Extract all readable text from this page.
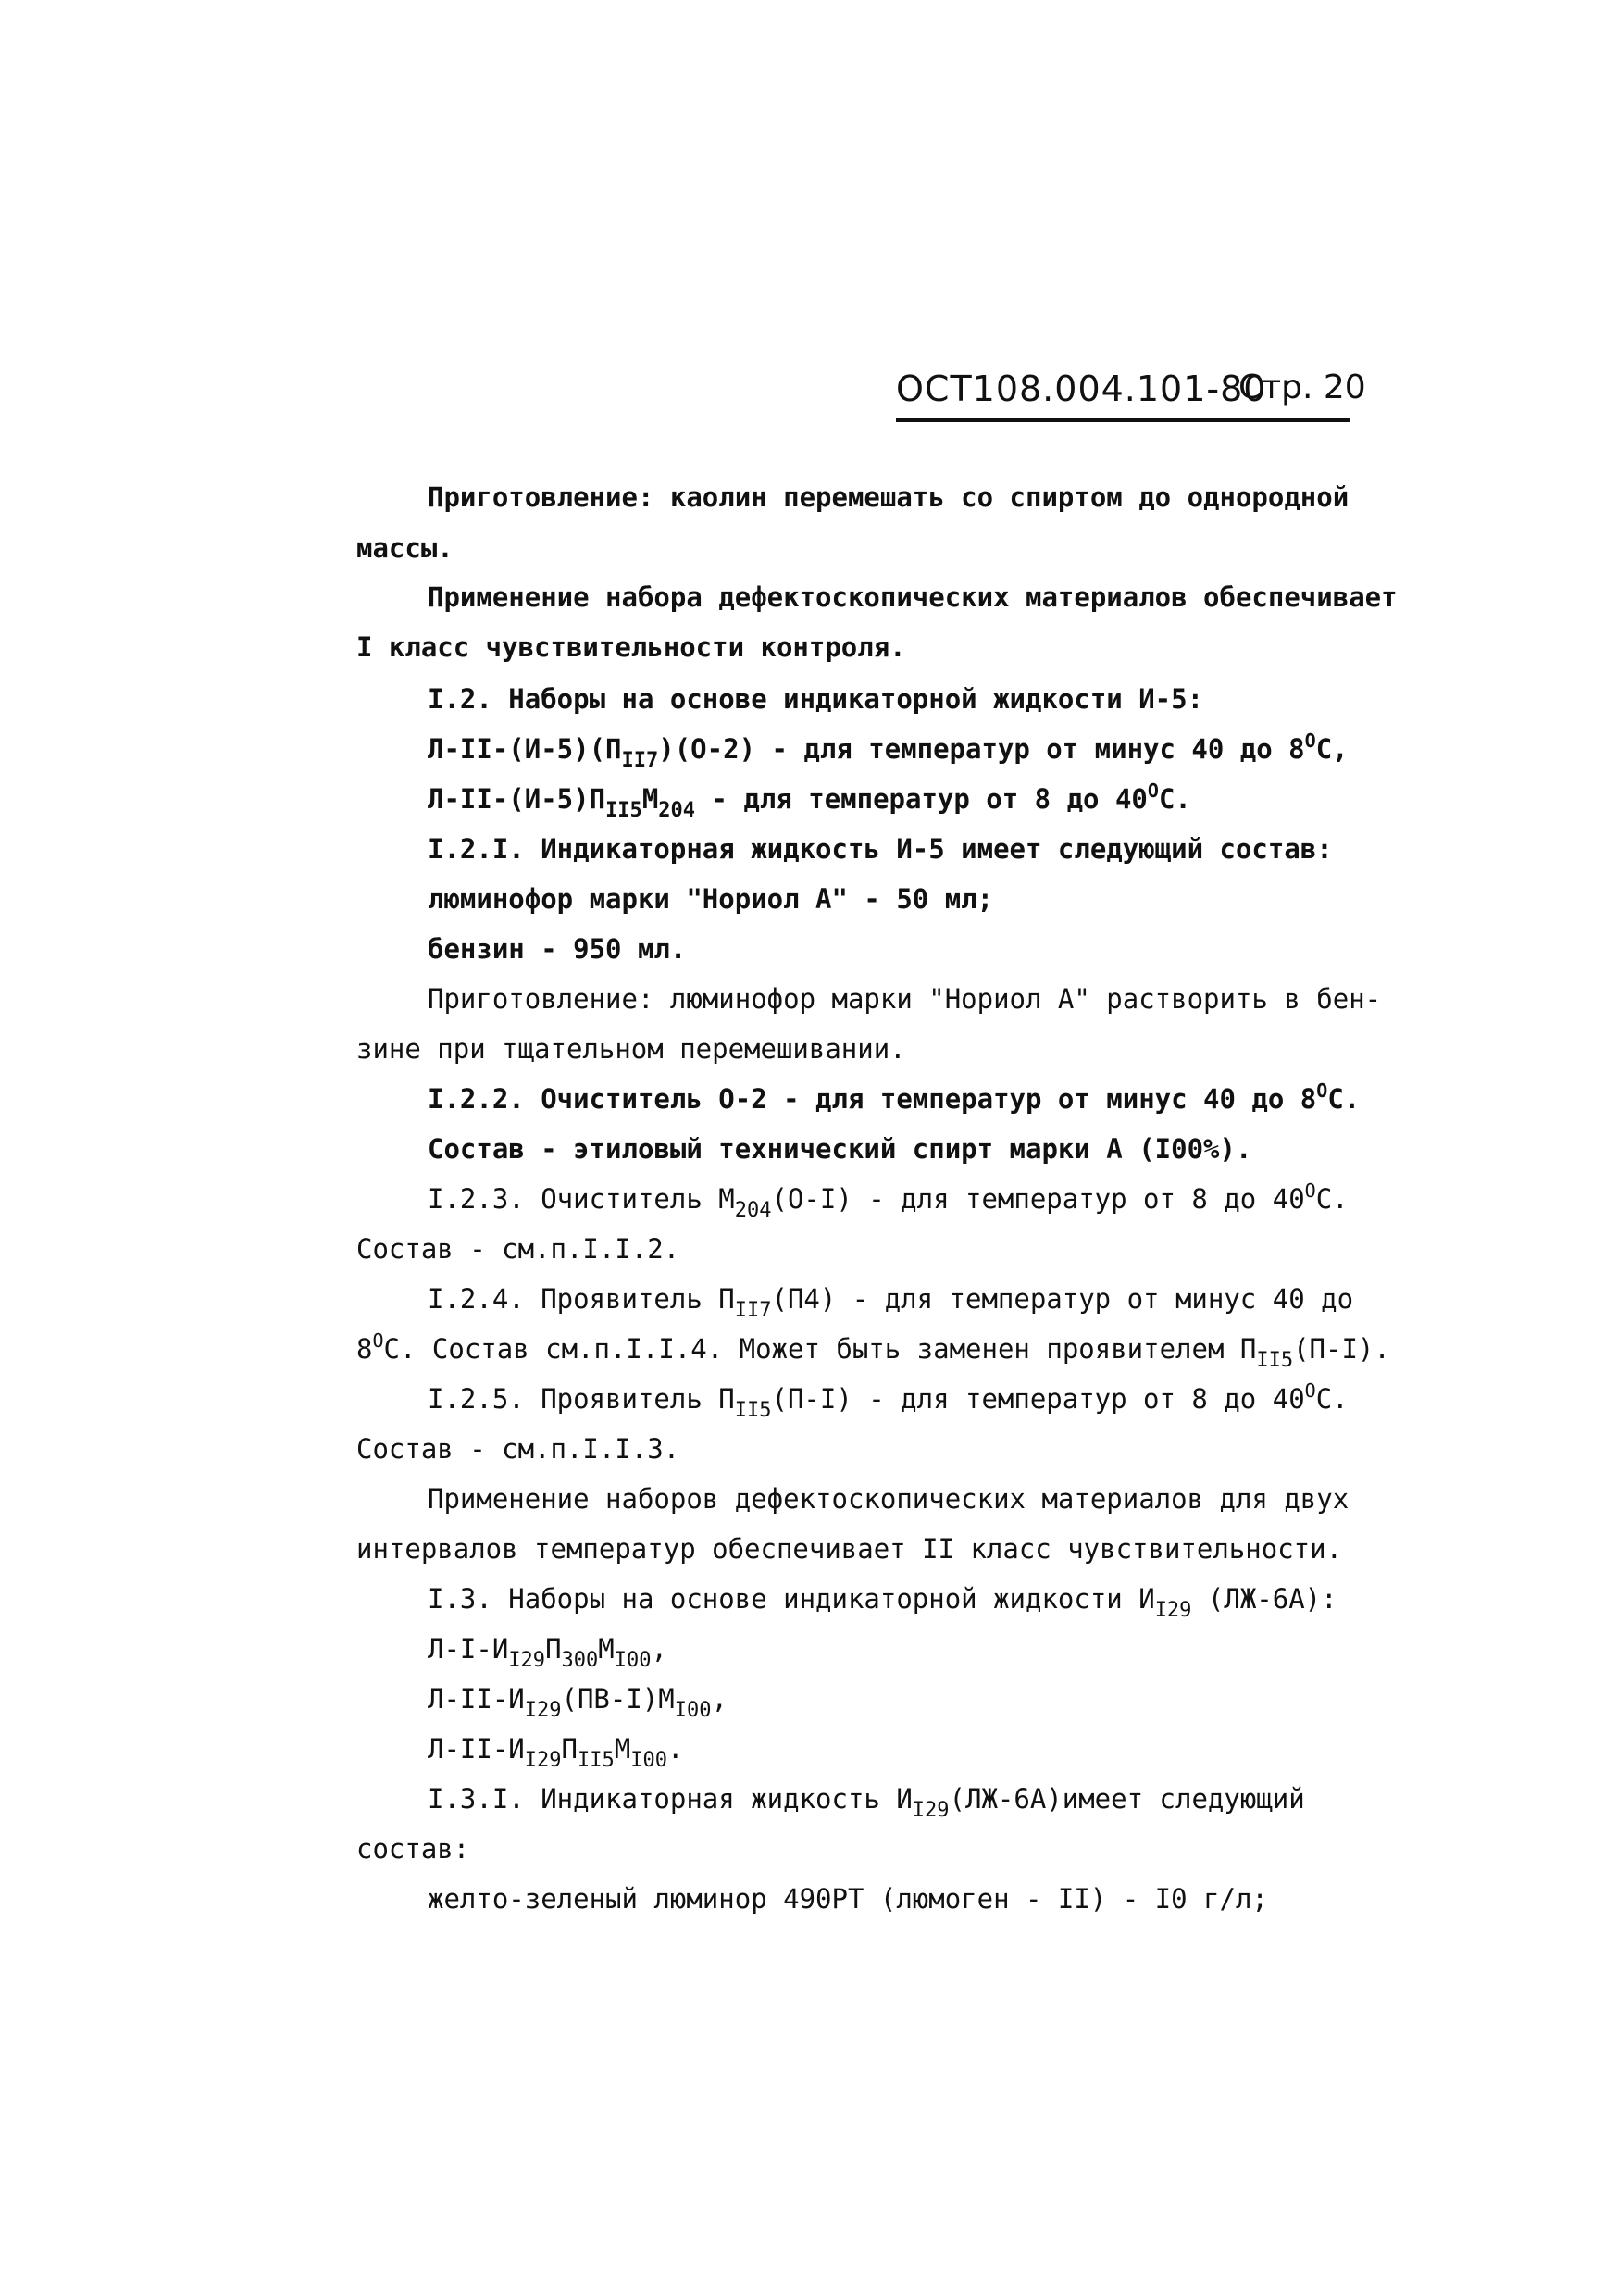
ОСТ108.004.101-80
Стр. 20
Приготовление: каолин перемешать со спиртом до однородной
массы.
Применение набора дефектоскопических материалов обеспечивает
I класс чувствительности контроля.
I.2. Наборы на основе индикаторной жидкости И-5:
$Л-II-(И-5)(П_{II7})(О-2)$ - для температур от минус 40 до $8^ОС$,
$Л-II-(И-5)П_{II5}М_{204}$ - для температур от 8 до $40^ОС$.
I.2.I. Индикаторная жидкость И-5 имеет следующий состав:
люминофор марки "Нориол А" - 50 мл;
бензин - 950 мл.
Приготовление: люминофор марки "Нориол А" растворить в бен-
зине при тщательном перемешивании.
I.2.2. Очиститель О-2 - для температур от минус 40 до $8^ОС$.
Состав - этиловый технический спирт марки А (I00%).
I.2.3. Очиститель $М_{204}(О-I)$ - для температур от 8 до $40^ОС$.
Состав - см.п.I.I.2.
I.2.4. Проявитель $П_{II7}(П4)$ - для температур от минус 40 до
$8^ОС$. Состав см.п.I.I.4. Может быть заменен проявителем $П_{II5}(П-I)$.
I.2.5. Проявитель $П_{II5}(П-I)$ - для температур от 8 до $40^ОС$.
Состав - см.п.I.I.3.
Применение наборов дефектоскопических материалов для двух
интервалов температур обеспечивает II класс чувствительности.
I.3. Наборы на основе индикаторной жидкости $И_{I29}$ (ЛЖ-6А):
$Л-I-И_{I29}П_{300}М_{I00}$,
$Л-II-И_{I29}(ПВ-I)М_{I00}$,
$Л-II-И_{I29}П_{II5}М_{I00}$.
I.3.I. Индикаторная жидкость $И_{I29}(ЛЖ-6А)имеет$ следующий
состав:
желто-зеленый люминор 490РТ (люмоген - II) - I0 г/л;
